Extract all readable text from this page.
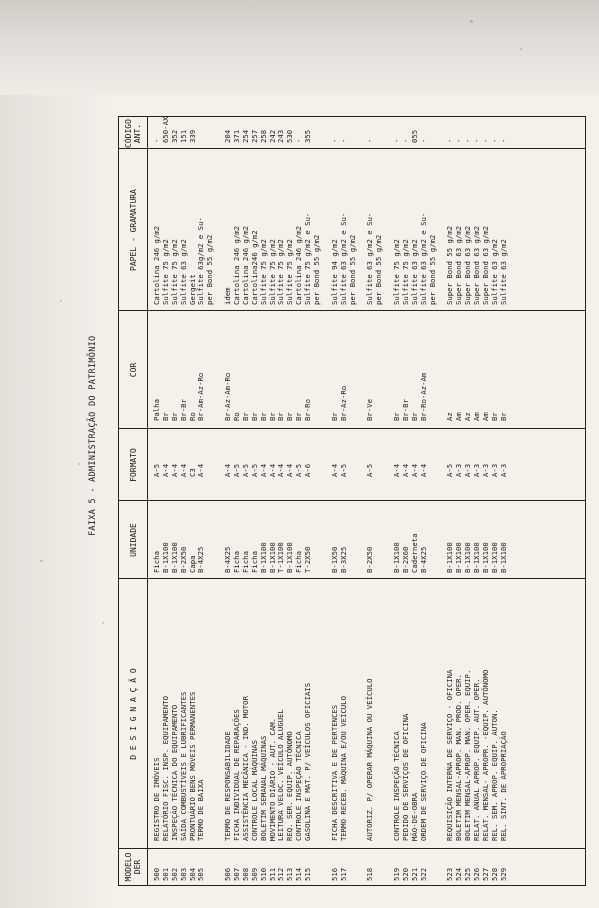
FAIXA 5 - ADMINISTRAÇÃO DO PATRIMÔNIO
MODELO
DER
D E S I G N A Ç Ã O
UNIDADE
FORMATO
COR
PAPEL - GRAMATURA
CÓDIGO
ANT.
500 501 502 503 504 505 506 507 508 509 510 511 512 513 514 515 516 517 518 519 520 521 522 523 524 525 526 527 528 529
REGISTRO DE IMÓVEIS RELATÓRIO FISC. INSP. EQUIPAMENTO INSPEÇÃO TÉCNICA DO EQUIPAMENTO SAÍDA COMBUSTÍVEIS E LUBRIFICANTES PRONTUÁRIO BENS MÓVEIS PERMANENTES TERMO DE BAIXA TERMO DE RESPONSABILIDADE FICHA INDIVIDUAL DE REPARAÇÕES ASSISTÊNCIA MECÂNICA - IND. MOTOR CONTROLE LOCAL MÁQUINAS BOLETIM SEMANAL MÁQUINAS MOVIMENTO DIÁRIO - AUT. CAM. LEITURA VELOC. VEÍCULO ALUGUEL REQ. SER. EQUIP. AUTÔNOMO CONTROLE INSPEÇÃO TÉCNICA GASOLINA E MAT. P/ VEÍCULOS OFICIAIS FICHA DESCRITIVA E DE PERTENCES TERMO RECEB. MÁQUINA E/OU VEÍCULO AUTORIZ. P/ OPERAR MÁQUINA OU VEÍCULO CONTROLE INSPEÇÃO TÉCNICA PEDIDO DE SERVIÇOS DE OFICINA MÃO-DE-OBRA ORDEM DE SERVIÇO DE OFICINA REQUISIÇÃO INTERNA DE SERVIÇO - OFICINA BOLETIM MENSAL-APROP. MAN. PROD. OPER. BOLETIM MENSAL-APROP. MAN. OPER. EQUIP. RELAT. ANUAL APROP. EQUIP. AUT. OPER. RELAT. MENSAL- APROPR. -EQUIP. AUTÔNOMO REL. SEM. APROP. EQUIP. AUTON. REL. SINT. DE APROPRIAÇÃO
Ficha B-1X100 B-1X100 B-2X50 Capa B-4X25 B-4X25 Ficha Ficha Ficha B-1X100 B-1X100 T-1X100 B-1X100 Ficha T-2X50 B-1X50 B-3X25 B-2X50 B-1X100 B-2X60 Caderneta B-4X25 B-1X100 B-1X100 B-1X100 B-1X100 B-1X100 B-1X100 B-1X100
A-5 A-4 A-4 A-4 C3 A-4 A-4 A-5 A-5 A-5 A-4 A-4 A-4 A-4 A-5 A-6 A-4 A-5 A-5 A-4 A-4 A-4 A-4 A-5 A-3 A-3 A-3 A-3 A-3 A-3
Palha Br Br Br-Br Ro Br-Am-Az-Ro Br-Az-Am-Ro Ro Br Br Br Br Br Br Br Br-Ro Br Br-Az-Ro Br-Ve Br Br-Br Br Br-Ro-Az-Am Az Am Az Am Am Br Br
Cartolina 246 g/m2 Sulfite 75 g/m2 Sulfite 75 g/m2 Sulfite 63 g/m2 Gergeit Sulfite 63g/m2 e Su- per Bond 55 g/m2 idem Cartolina 246 g/m2 Cartolina 246 g/m2 Cartolina246 g/m2 Sulfite 75 g/m2 Sulfite 75 g/m2 Sulfite 75 g/m2 Sulfite 75 g/m2 Cartolina 246 g/m2 Sulfite 75 g/m2 e Su- per Bond 55 g/m2 Sulfite 94 g/m2 Sulfite 63 g/m2 e Su- per Bond 55 g/m2 Sulfite 63 g/m2 e Su- per Bond 55 g/m2 Sulfite 75 g/m2 Sulfite 75 g/m2 Sulfite 63 g/m2 Sulfite 63 g/m2 e Su- per Bond 55 g/m2 Super Bond 55 g/m2 Super Bond 63 g/m2 Super Bond 63 g/m2 Super Bond 63 g/m2 Super Bond 63 g/m2 Sulfite 63 g/m2 Sulfite 63 g/m2
- 650-AX 352 151 339	204 371 254 257 258 242 243 530 - 355 - - - - - 055 - - - - - - - -
